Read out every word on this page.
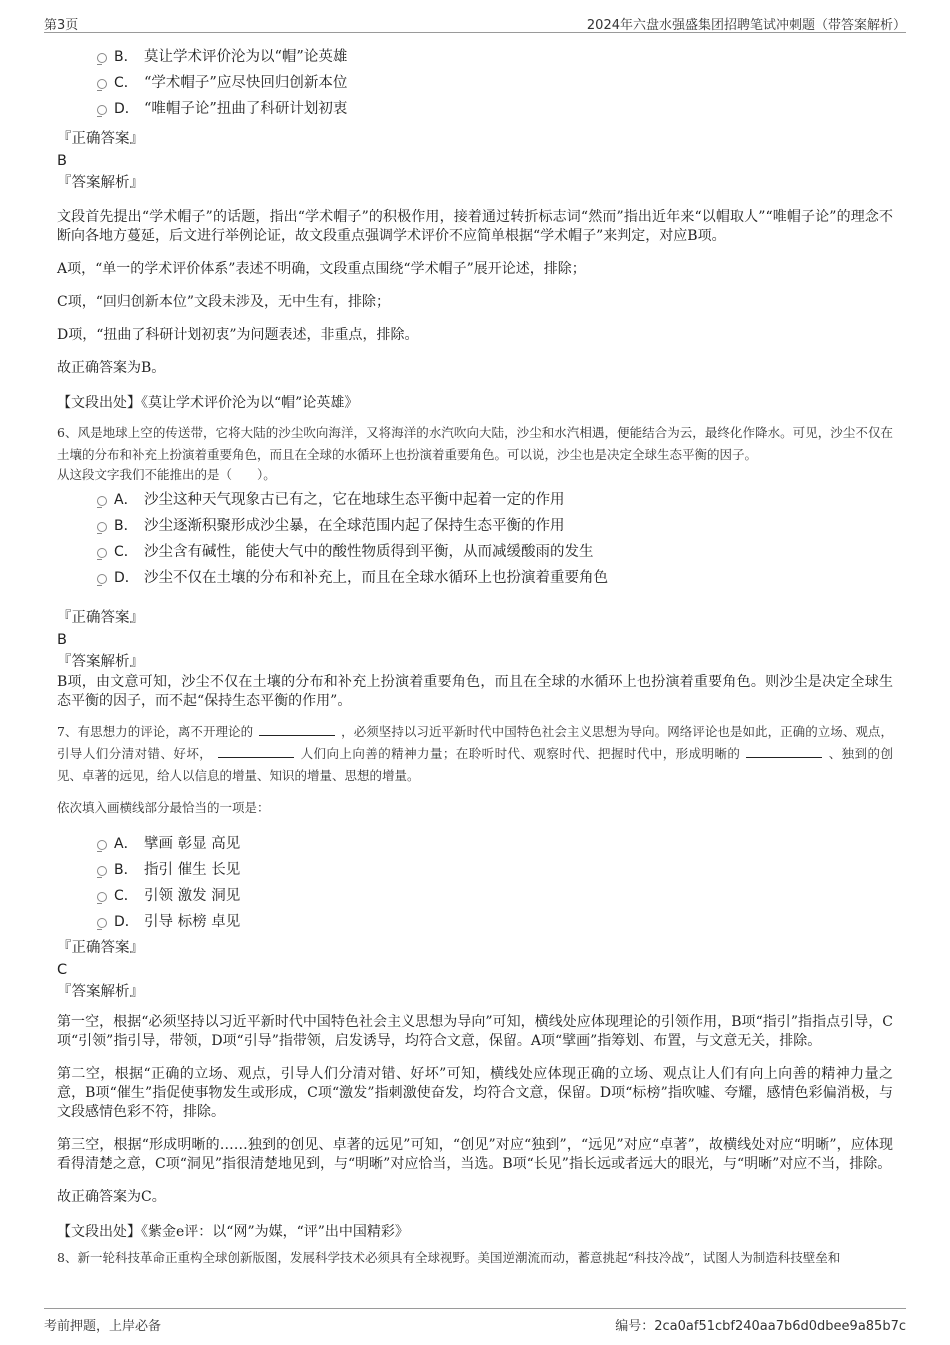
第3页	2024年六盘水强盛集团招聘笔试冲刺题（带答案解析）
B． 莫让学术评价沦为以“帽”论英雄
C． “学术帽子”应尽快回归创新本位
D． “唯帽子论”扭曲了科研计划初衷

『正确答案』

B

『答案解析』

文段首先提出“学术帽子”的话题，指出“学术帽子”的积极作用，接着通过转折标志词“然而”指出近年来“以帽取人”“唯帽子论”的理念不断向各地方蔓延，后文进行举例论证，故文段重点强调学术评价不应简单根据“学术帽子”来判定，对应B项。

A项，“单一的学术评价体系”表述不明确，文段重点围绕“学术帽子”展开论述，排除；

C项，“回归创新本位”文段未涉及，无中生有，排除；

D项，“扭曲了科研计划初衷”为问题表述，非重点，排除。

故正确答案为B。

【文段出处】《莫让学术评价沦为以“帽”论英雄》

6、风是地球上空的传送带，它将大陆的沙尘吹向海洋，又将海洋的水汽吹向大陆，沙尘和水汽相遇，便能结合为云，最终化作降水。可见，沙尘不仅在土壤的分布和补充上扮演着重要角色，而且在全球的水循环上也扮演着重要角色。可以说，沙尘也是决定全球生态平衡的因子。

从这段文字我们不能推出的是（　　）。

A． 沙尘这种天气现象古已有之，它在地球生态平衡中起着一定的作用
B． 沙尘逐渐积聚形成沙尘暴，在全球范围内起了保持生态平衡的作用
C． 沙尘含有碱性，能使大气中的酸性物质得到平衡，从而减缓酸雨的发生
D． 沙尘不仅在土壤的分布和补充上，而且在全球水循环上也扮演着重要角色

『正确答案』

B

『答案解析』

B项，由文意可知，沙尘不仅在土壤的分布和补充上扮演着重要角色，而且在全球的水循环上也扮演着重要角色。则沙尘是决定全球生态平衡的因子，而不起“保持生态平衡的作用”。

7、有思想力的评论，离不开理论的	，必须坚持以习近平新时代中国特色社会主义思想为导向。网络评论也是如此，正确的立场、观点，引导人们分清对错、好坏，	人们向上向善的精神力量；在聆听时代、观察时代、把握时代中，形成明晰的	、独到的创见、卓著的远见，给人以信息的增量、知识的增量、思想的增量。

依次填入画横线部分最恰当的一项是：

A． 擘画 彰显 高见
B． 指引 催生 长见
C． 引领 激发 洞见
D． 引导 标榜 卓见

『正确答案』

C

『答案解析』

第一空，根据“必须坚持以习近平新时代中国特色社会主义思想为导向”可知，横线处应体现理论的引领作用，B项“指引”指指点引导，C项“引领”指引导，带领，D项“引导”指带领，启发诱导，均符合文意，保留。A项“擘画”指筹划、布置，与文意无关，排除。

第二空，根据“正确的立场、观点，引导人们分清对错、好坏”可知，横线处应体现正确的立场、观点让人们有向上向善的精神力量之意，B项“催生”指促使事物发生或形成，C项“激发”指刺激使奋发，均符合文意，保留。D项“标榜”指吹嘘、夸耀，感情色彩偏消极，与文段感情色彩不符，排除。

第三空，根据“形成明晰的……独到的创见、卓著的远见”可知，“创见”对应“独到”，“远见”对应“卓著”，故横线处对应“明晰”，应体现看得清楚之意，C项“洞见”指很清楚地见到，与“明晰”对应恰当，当选。B项“长见”指长远或者远大的眼光，与“明晰”对应不当，排除。

故正确答案为C。

【文段出处】《紫金e评：以“网”为媒，“评”出中国精彩》

8、新一轮科技革命正重构全球创新版图，发展科学技术必须具有全球视野。美国逆潮流而动，蓄意挑起“科技冷战”，试图人为制造科技壁垒和

考前押题，上岸必备	编号：2ca0af51cbf240aa7b6d0dbee9a85b7c
